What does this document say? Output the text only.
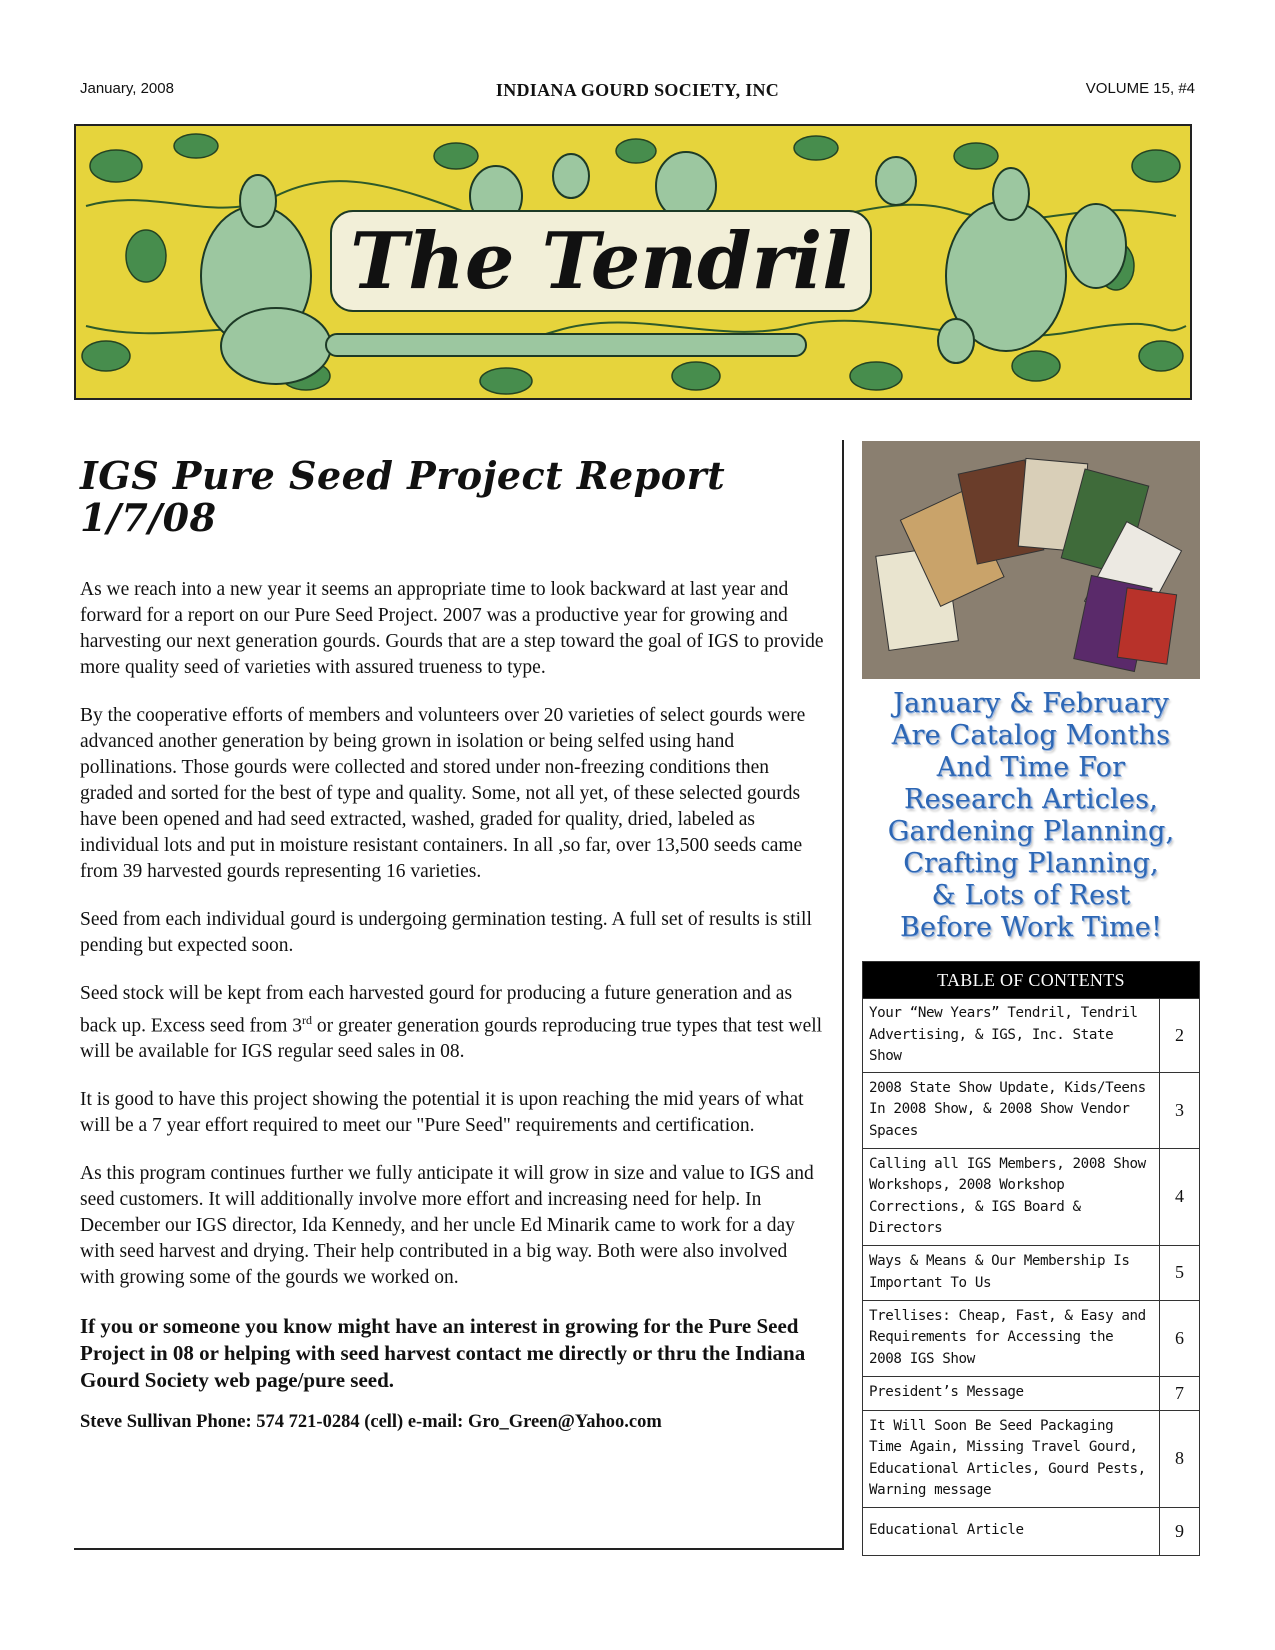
January, 2008	INDIANA GOURD SOCIETY, INC	VOLUME 15, #4
The Tendril
IGS Pure Seed Project Report 1/7/08

As we reach into a new year it seems an appropriate time to look backward at last year and forward for a report on our Pure Seed Project. 2007 was a productive year for growing and harvesting our next generation gourds. Gourds that are a step toward the goal of IGS to provide more quality seed of varieties with assured trueness to type.

By the cooperative efforts of members and volunteers over 20 varieties of select gourds were advanced another generation by being grown in isolation or being selfed using hand pollinations. Those gourds were collected and stored under non-freezing conditions then graded and sorted for the best of type and quality. Some, not all yet, of these selected gourds have been opened and had seed extracted, washed, graded for quality, dried, labeled as individual lots and put in moisture resistant containers. In all ,so far, over 13,500 seeds came from 39 harvested gourds representing 16 varieties.

Seed from each individual gourd is undergoing germination testing. A full set of results is still pending but expected soon.

Seed stock will be kept from each harvested gourd for producing a future generation and as back up. Excess seed from 3rd or greater generation gourds reproducing true types that test well will be available for IGS regular seed sales in 08.

It is good to have this project showing the potential it is upon reaching the mid years of what will be a 7 year effort required to meet our "Pure Seed" requirements and certification.

As this program continues further we fully anticipate it will grow in size and value to IGS and seed customers. It will additionally involve more effort and increasing need for help. In December our IGS director, Ida Kennedy, and her uncle Ed Minarik came to work for a day with seed harvest and drying. Their help contributed in a big way. Both were also involved with growing some of the gourds we worked on.

If you or someone you know might have an interest in growing for the Pure Seed Project in 08 or helping with seed harvest contact me directly or thru the Indiana Gourd Society web page/pure seed.

Steve Sullivan Phone: 574 721-0284 (cell) e-mail: Gro_Green@Yahoo.com
January & February
Are Catalog Months
And Time For
Research Articles,
Gardening Planning,
Crafting Planning,
& Lots of Rest
Before Work Time!
TABLE OF CONTENTS	
Your “New Years” Tendril, Tendril Advertising, & IGS, Inc. State Show	2
2008 State Show Update, Kids/Teens In 2008 Show, & 2008 Show Vendor Spaces	3
Calling all IGS Members, 2008 Show Workshops, 2008 Workshop Corrections, & IGS Board & Directors	4
Ways & Means & Our Membership Is Important To Us	5
Trellises: Cheap, Fast, & Easy and Requirements for Accessing the 2008 IGS Show	6
President’s Message	7
It Will Soon Be Seed Packaging Time Again, Missing Travel Gourd, Educational Articles, Gourd Pests, Warning message	8
Educational Article	9
